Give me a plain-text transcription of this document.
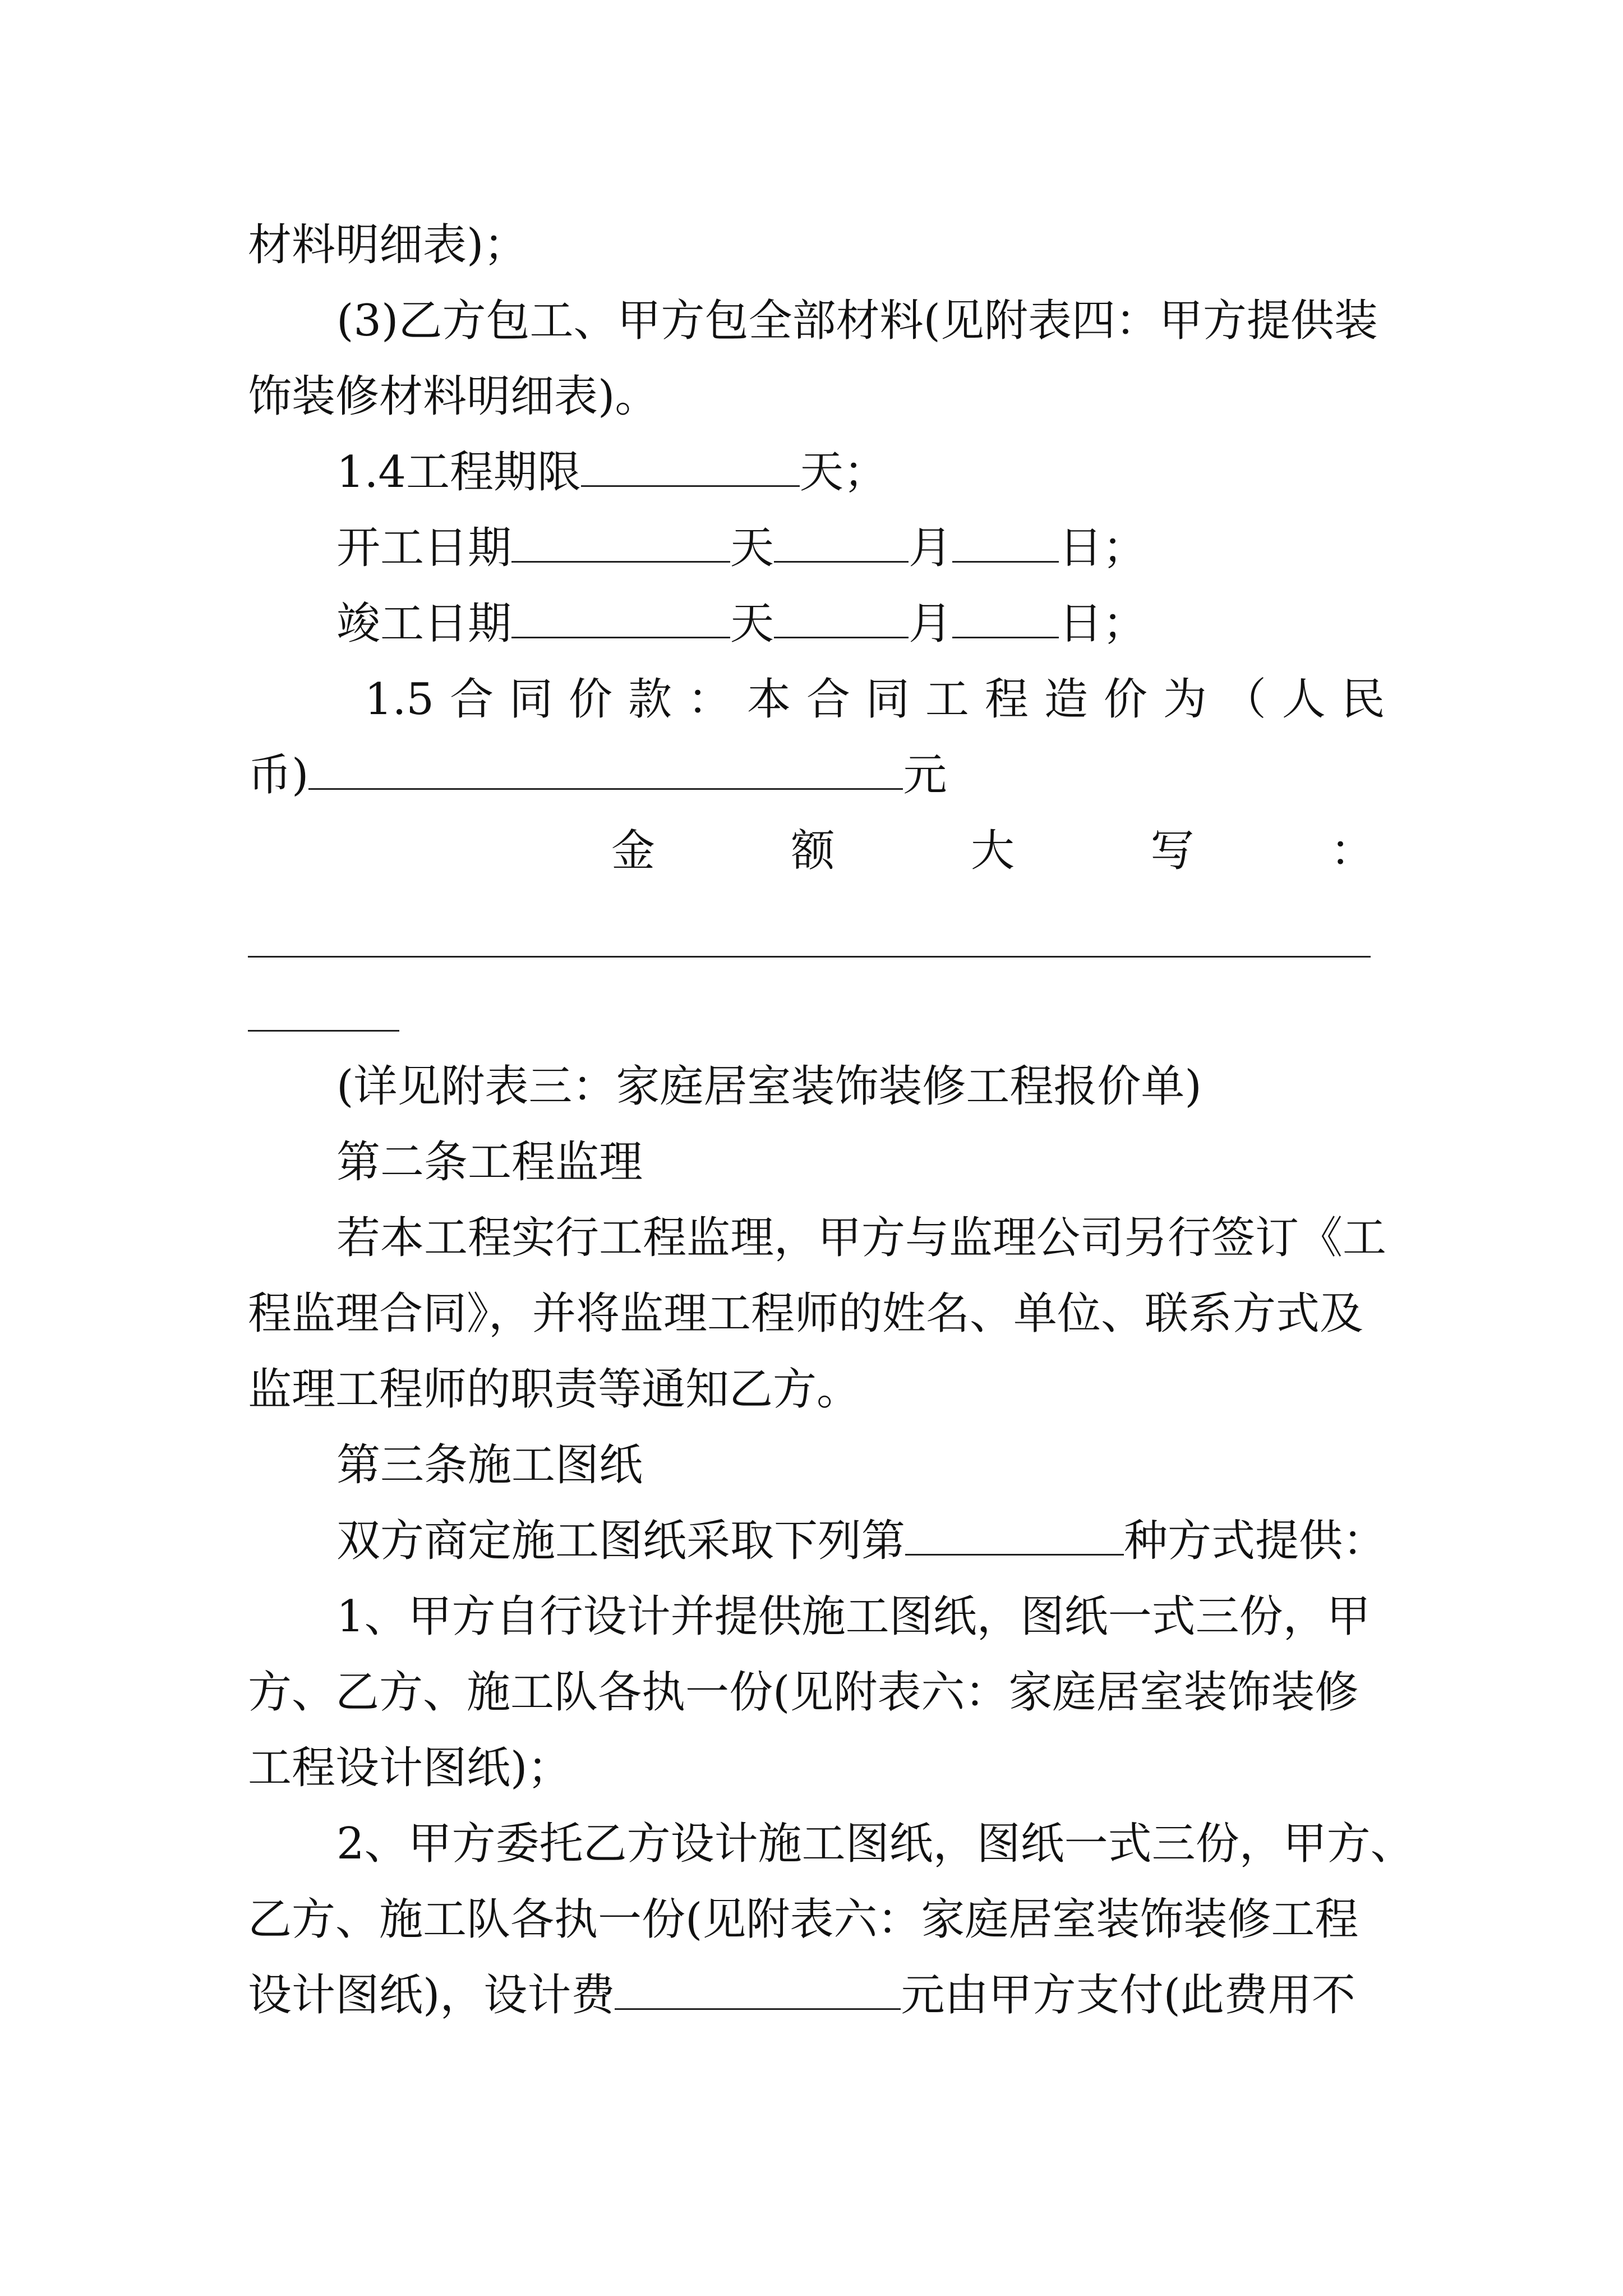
材料明细表)；
(3)乙方包工、甲方包全部材料(见附表四：甲方提供装
饰装修材料明细表)。
1.4工程期限	天；
开工日期	天	月 日；
竣工日期	天	月 日；
1.5 合 同 价 款 ： 本 合 同 工 程 造 价 为 （ 人 民
币)	元
金	额	大	写	：
(详见附表三：家庭居室装饰装修工程报价单)
第二条工程监理
若本工程实行工程监理，甲方与监理公司另行签订《工
程监理合同》，并将监理工程师的姓名、单位、联系方式及
监理工程师的职责等通知乙方。
第三条施工图纸
双方商定施工图纸采取下列第	种方式提供：
1、甲方自行设计并提供施工图纸，图纸一式三份，甲
方、乙方、施工队各执一份(见附表六：家庭居室装饰装修
工程设计图纸)；
2、甲方委托乙方设计施工图纸，图纸一式三份，甲方、
乙方、施工队各执一份(见附表六：家庭居室装饰装修工程
设计图纸)，设计费	元由甲方支付(此费用不
